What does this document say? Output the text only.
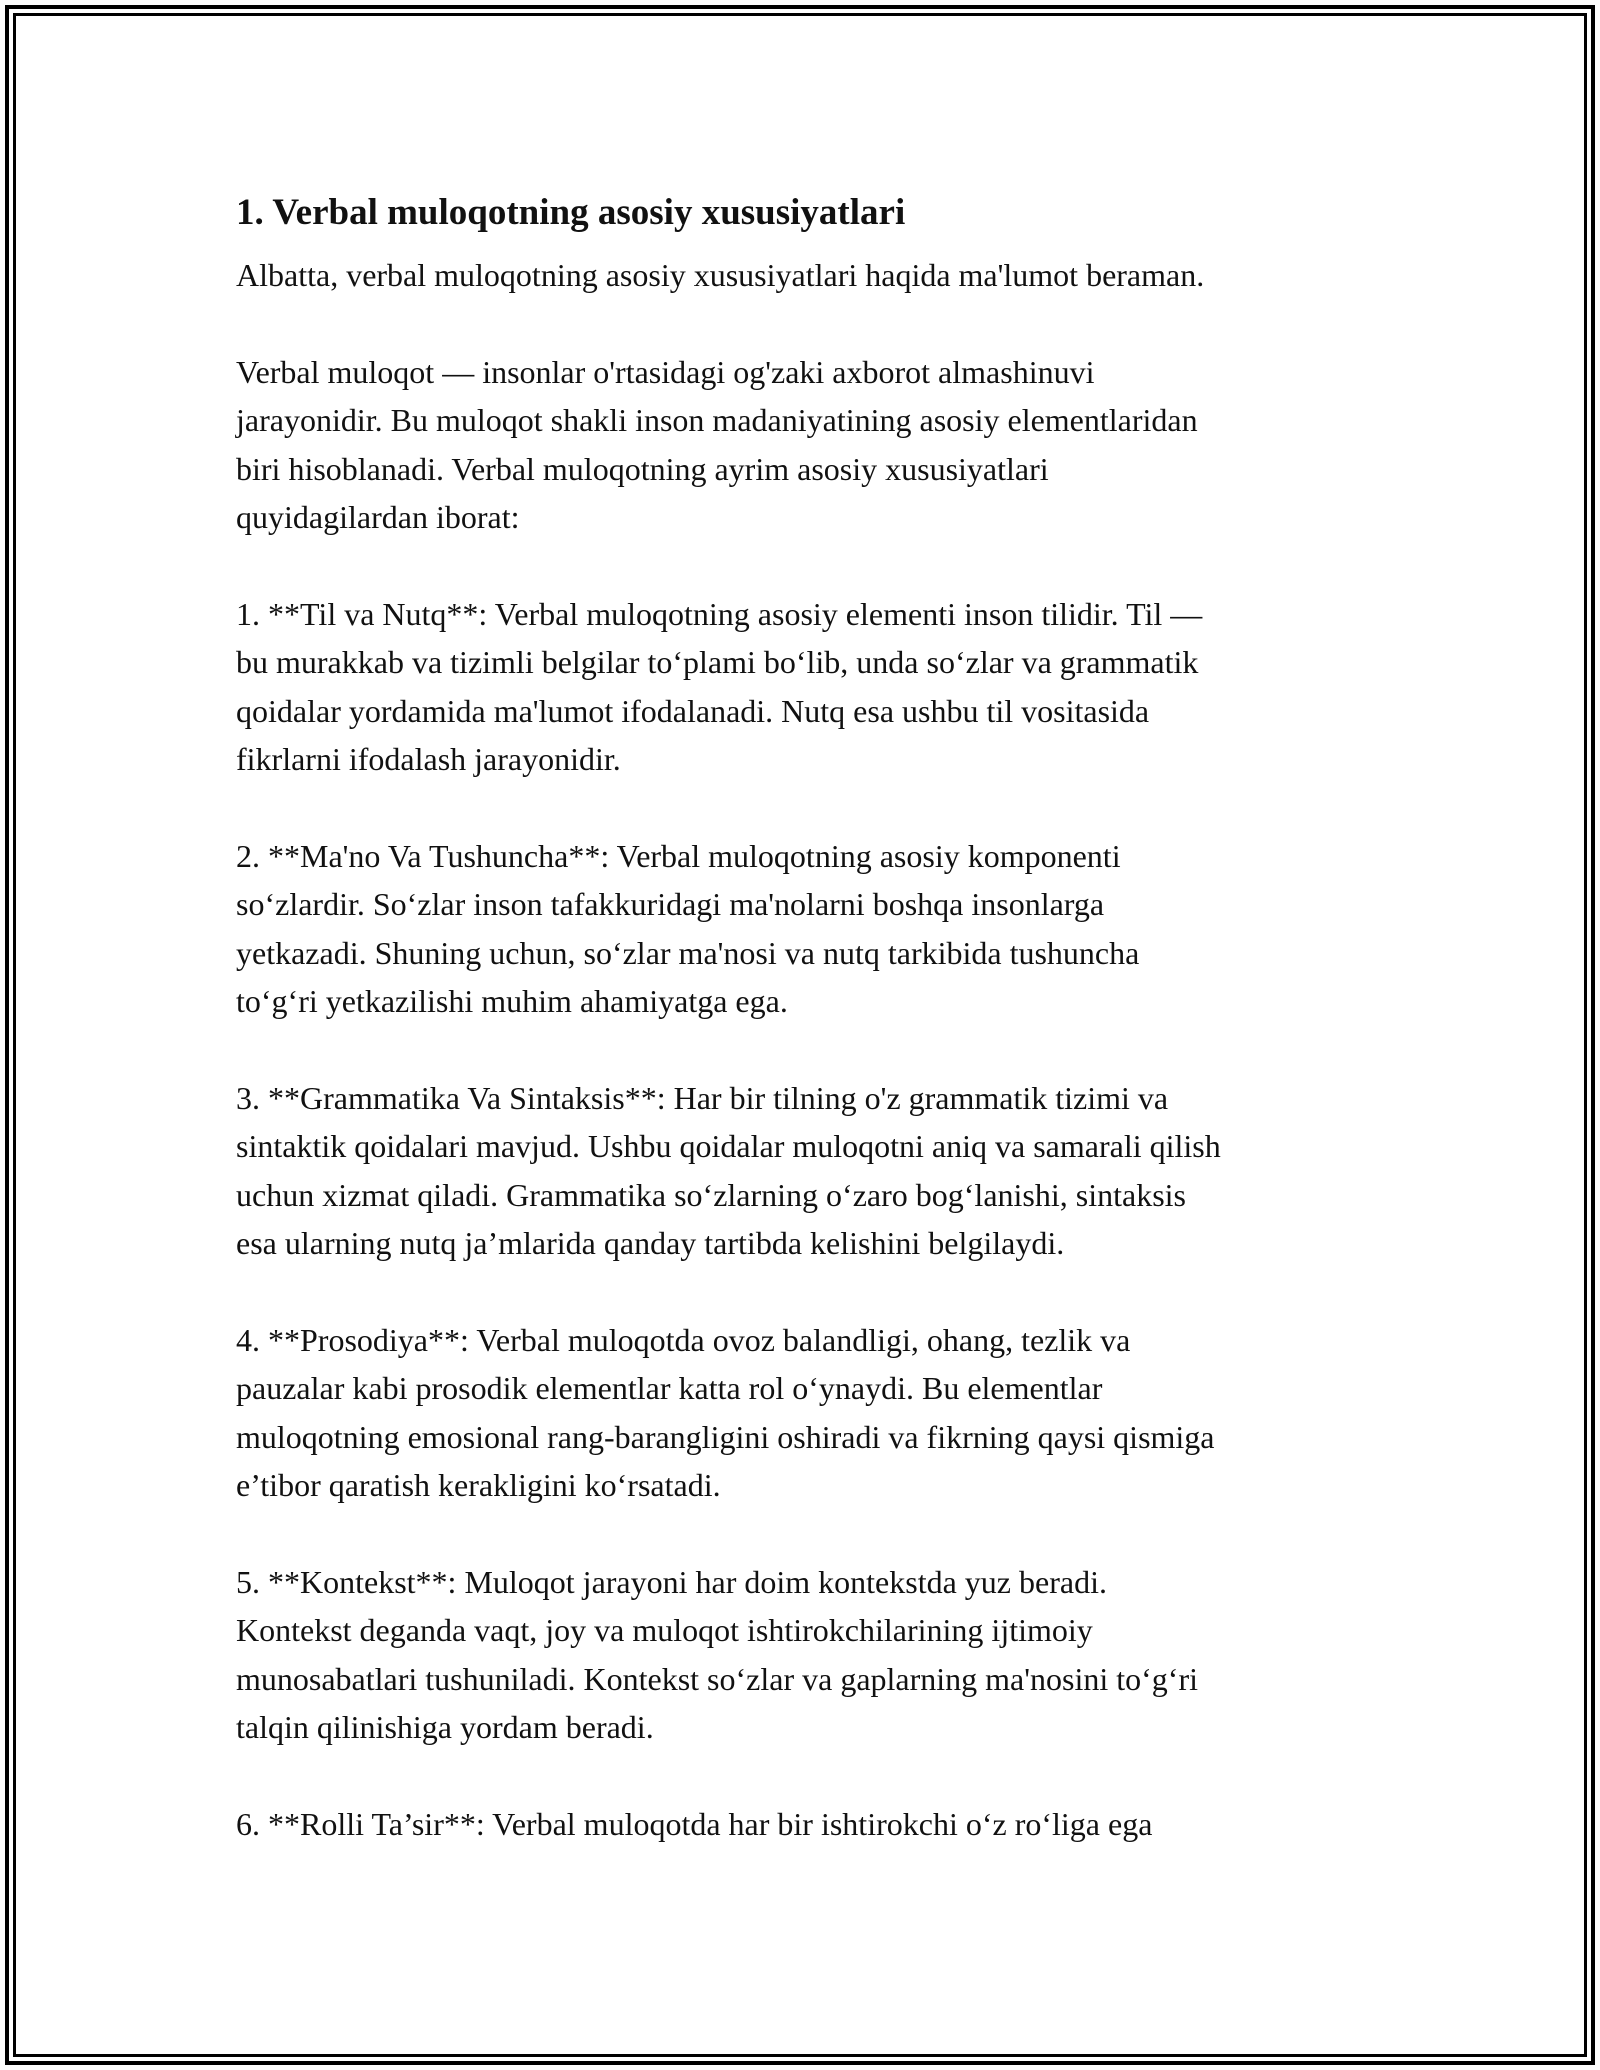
1. Verbal muloqotning asosiy xususiyatlari
Albatta, verbal muloqotning asosiy xususiyatlari haqida ma'lumot beraman.
Verbal muloqot — insonlar o'rtasidagi og'zaki axborot almashinuvi
jarayonidir. Bu muloqot shakli inson madaniyatining asosiy elementlaridan
biri hisoblanadi. Verbal muloqotning ayrim asosiy xususiyatlari
quyidagilardan iborat:
1. **Til va Nutq**: Verbal muloqotning asosiy elementi inson tilidir. Til —
bu murakkab va tizimli belgilar to‘plami bo‘lib, unda so‘zlar va grammatik
qoidalar yordamida ma'lumot ifodalanadi. Nutq esa ushbu til vositasida
fikrlarni ifodalash jarayonidir.
2. **Ma'no Va Tushuncha**: Verbal muloqotning asosiy komponenti
so‘zlardir. So‘zlar inson tafakkuridagi ma'nolarni boshqa insonlarga
yetkazadi. Shuning uchun, so‘zlar ma'nosi va nutq tarkibida tushuncha
to‘g‘ri yetkazilishi muhim ahamiyatga ega.
3. **Grammatika Va Sintaksis**: Har bir tilning o'z grammatik tizimi va
sintaktik qoidalari mavjud. Ushbu qoidalar muloqotni aniq va samarali qilish
uchun xizmat qiladi. Grammatika so‘zlarning o‘zaro bog‘lanishi, sintaksis
esa ularning nutq ja’mlarida qanday tartibda kelishini belgilaydi.
4. **Prosodiya**: Verbal muloqotda ovoz balandligi, ohang, tezlik va
pauzalar kabi prosodik elementlar katta rol o‘ynaydi. Bu elementlar
muloqotning emosional rang-barangligini oshiradi va fikrning qaysi qismiga
e’tibor qaratish kerakligini ko‘rsatadi.
5. **Kontekst**: Muloqot jarayoni har doim kontekstda yuz beradi.
Kontekst deganda vaqt, joy va muloqot ishtirokchilarining ijtimoiy
munosabatlari tushuniladi. Kontekst so‘zlar va gaplarning ma'nosini to‘g‘ri
talqin qilinishiga yordam beradi.
6. **Rolli Ta’sir**: Verbal muloqotda har bir ishtirokchi o‘z ro‘liga ega
